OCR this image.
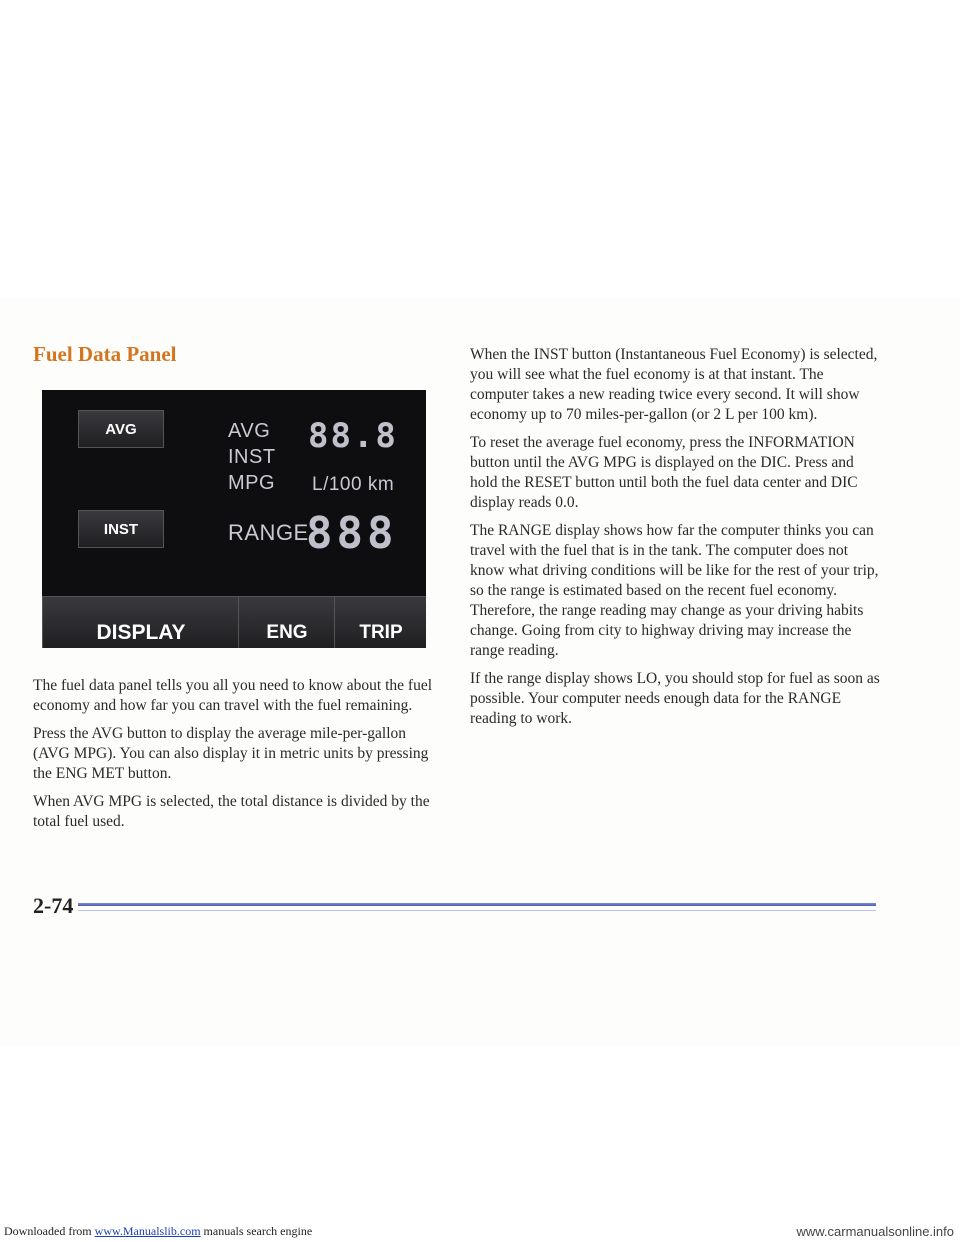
Fuel Data Panel
AVG
INST
AVG
INST
MPG L/100 km
RANGE
88.8
888
DISPLAY	ENG	TRIP

The fuel data panel tells you all you need to know about the fuel economy and how far you can travel with the fuel remaining.

Press the AVG button to display the average mile-per-gallon (AVG MPG). You can also display it in metric units by pressing the ENG MET button.

When AVG MPG is selected, the total distance is divided by the total fuel used.

When the INST button (Instantaneous Fuel Economy) is selected, you will see what the fuel economy is at that instant. The computer takes a new reading twice every second. It will show economy up to 70 miles-per-gallon (or 2 L per 100 km).

To reset the average fuel economy, press the INFORMATION button until the AVG MPG is displayed on the DIC. Press and hold the RESET button until both the fuel data center and DIC display reads 0.0.

The RANGE display shows how far the computer thinks you can travel with the fuel that is in the tank. The computer does not know what driving conditions will be like for the rest of your trip, so the range is estimated based on the recent fuel economy. Therefore, the range reading may change as your driving habits change. Going from city to highway driving may increase the range reading.

If the range display shows LO, you should stop for fuel as soon as possible. Your computer needs enough data for the RANGE reading to work.

2-74
Downloaded from
www.Manualslib.com
manuals search engine	www.carmanualsonline.info
